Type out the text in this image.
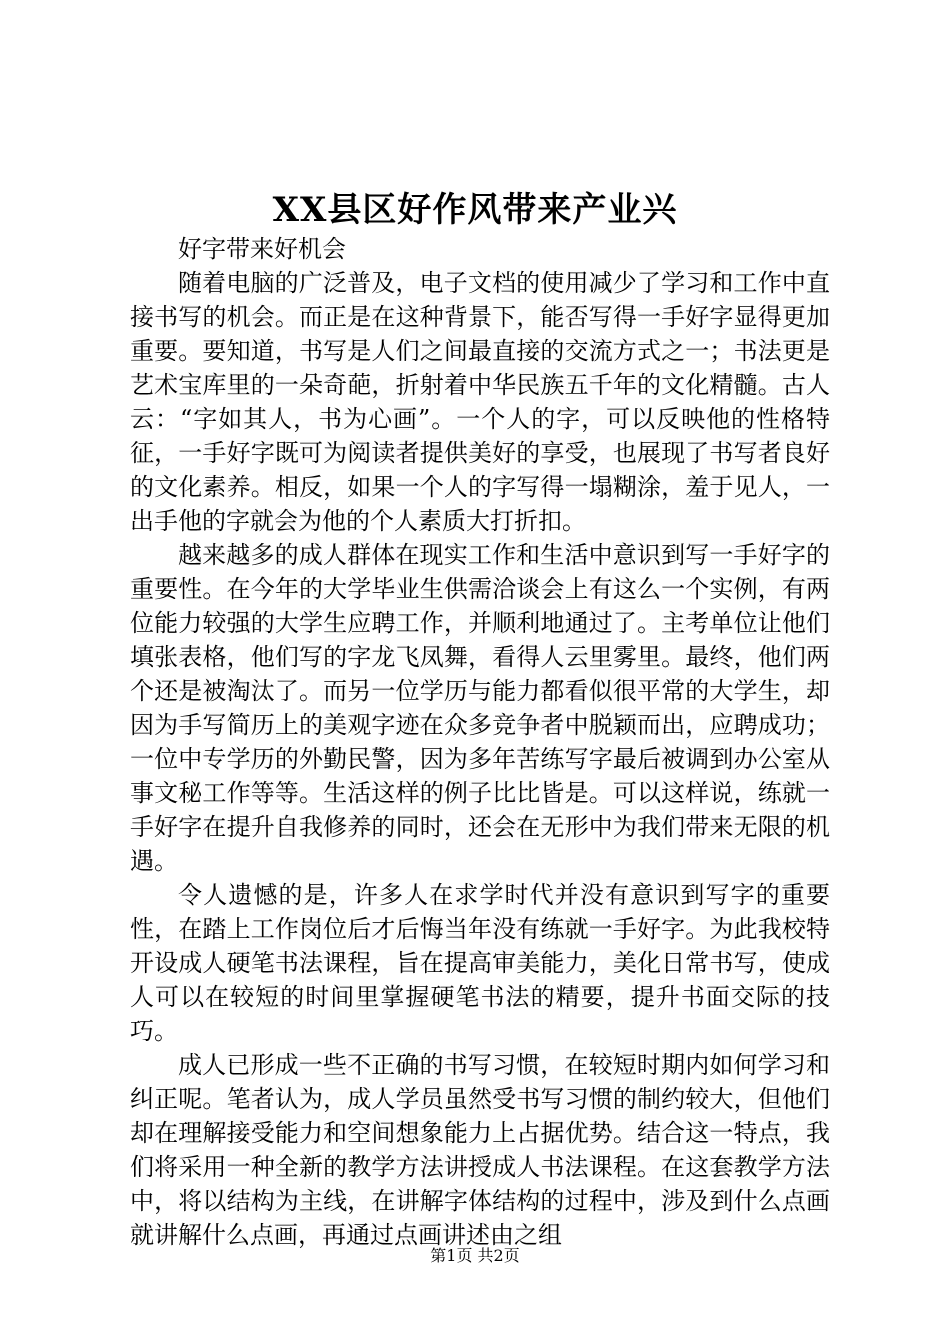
XX县区好作风带来产业兴

好字带来好机会

随着电脑的广泛普及，电子文档的使用减少了学习和工作中直接书写的机会。而正是在这种背景下，能否写得一手好字显得更加重要。要知道，书写是人们之间最直接的交流方式之一；书法更是艺术宝库里的一朵奇葩，折射着中华民族五千年的文化精髓。古人云：“字如其人，书为心画”。一个人的字，可以反映他的性格特征，一手好字既可为阅读者提供美好的享受，也展现了书写者良好的文化素养。相反，如果一个人的字写得一塌糊涂，羞于见人，一出手他的字就会为他的个人素质大打折扣。

越来越多的成人群体在现实工作和生活中意识到写一手好字的重要性。在今年的大学毕业生供需洽谈会上有这么一个实例，有两位能力较强的大学生应聘工作，并顺利地通过了。主考单位让他们填张表格，他们写的字龙飞凤舞，看得人云里雾里。最终，他们两个还是被淘汰了。而另一位学历与能力都看似很平常的大学生，却因为手写简历上的美观字迹在众多竞争者中脱颖而出，应聘成功；一位中专学历的外勤民警，因为多年苦练写字最后被调到办公室从事文秘工作等等。生活这样的例子比比皆是。可以这样说，练就一手好字在提升自我修养的同时，还会在无形中为我们带来无限的机遇。

令人遗憾的是，许多人在求学时代并没有意识到写字的重要性，在踏上工作岗位后才后悔当年没有练就一手好字。为此我校特开设成人硬笔书法课程，旨在提高审美能力，美化日常书写，使成人可以在较短的时间里掌握硬笔书法的精要，提升书面交际的技巧。

成人已形成一些不正确的书写习惯，在较短时期内如何学习和纠正呢。笔者认为，成人学员虽然受书写习惯的制约较大，但他们却在理解接受能力和空间想象能力上占据优势。结合这一特点，我们将采用一种全新的教学方法讲授成人书法课程。在这套教学方法中，将以结构为主线，在讲解字体结构的过程中，涉及到什么点画就讲解什么点画，再通过点画讲述由之组

第1页 共2页
